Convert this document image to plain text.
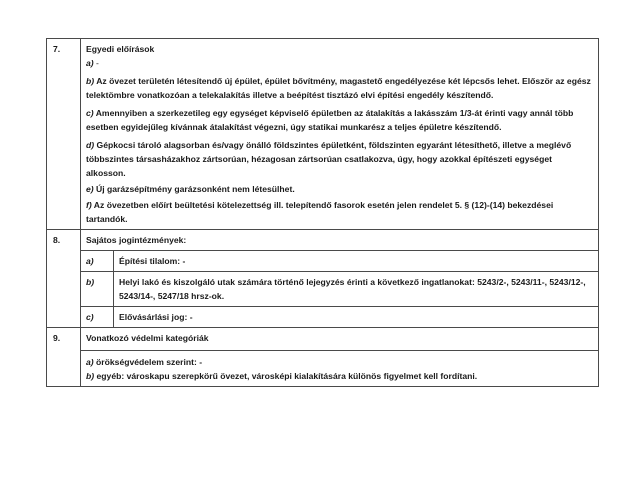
7.	Egyedi előírások
a) -
b) Az övezet területén létesítendő új épület, épület bővítmény, magastető engedélyezése két lépcsős lehet. Először az egész telektömbre vonatkozóan a telekalakítás illetve a beépítést tisztázó elvi építési engedély készítendő.
c) Amennyiben a szerkezetileg egy egységet képviselő épületben az átalakítás a lakásszám 1/3-át érinti vagy annál több esetben egyidejűleg kívánnak átalakítást végezni, úgy statikai munkarész a teljes épületre készítendő.
d) Gépkocsi tároló alagsorban és/vagy önálló földszintes épületként, földszinten egyaránt létesíthető, illetve a meglévő többszintes társasházakhoz zártsorúan, hézagosan zártsorúan csatlakozva, úgy, hogy azokkal építészeti egységet alkosson.
e) Új garázsépítmény garázsonként nem létesülhet.
f) Az övezetben előírt beültetési kötelezettség ill. telepítendő fasorok esetén jelen rendelet 5. § (12)-(14) bekezdései tartandók.

8.	Sajátos jogintézmények:
a)	Építési tilalom: -
b)	Helyi lakó és kiszolgáló utak számára történő lejegyzés érinti a következő ingatlanokat: 5243/2-, 5243/11-, 5243/12-, 5243/14-, 5247/18 hrsz-ok.
c)	Elővásárlási jog: -

9.	Vonatkozó védelmi kategóriák
a) örökségvédelem szerint: -
b) egyéb: városkapu szerepkörű övezet, városképi kialakítására különös figyelmet kell fordítani.
